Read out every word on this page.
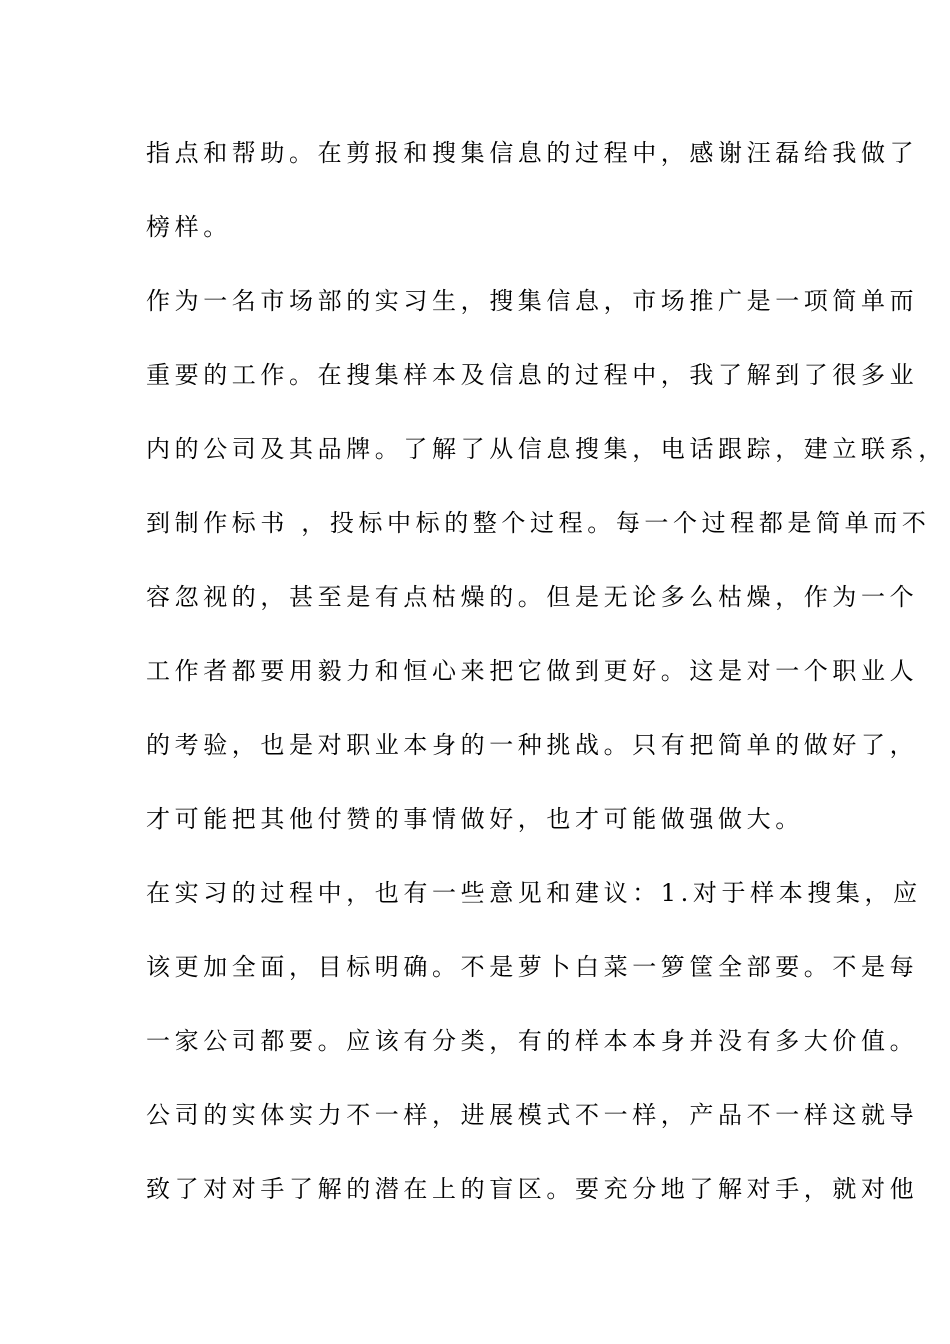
指点和帮助。在剪报和搜集信息的过程中，感谢汪磊给我做了
榜样。
作为一名市场部的实习生，搜集信息，市场推广是一项简单而
重要的工作。在搜集样本及信息的过程中，我了解到了很多业
内的公司及其品牌。了解了从信息搜集，电话跟踪，建立联系，
到制作标书 ，投标中标的整个过程。每一个过程都是简单而不
容忽视的，甚至是有点枯燥的。但是无论多么枯燥，作为一个
工作者都要用毅力和恒心来把它做到更好。这是对一个职业人
的考验，也是对职业本身的一种挑战。只有把简单的做好了，
才可能把其他付赞的事情做好，也才可能做强做大。
在实习的过程中，也有一些意见和建议：1.对于样本搜集，应
该更加全面，目标明确。不是萝卜白菜一箩筐全部要。不是每
一家公司都要。应该有分类，有的样本本身并没有多大价值。
公司的实体实力不一样，进展模式不一样，产品不一样这就导
致了对对手了解的潜在上的盲区。要充分地了解对手，就对他
